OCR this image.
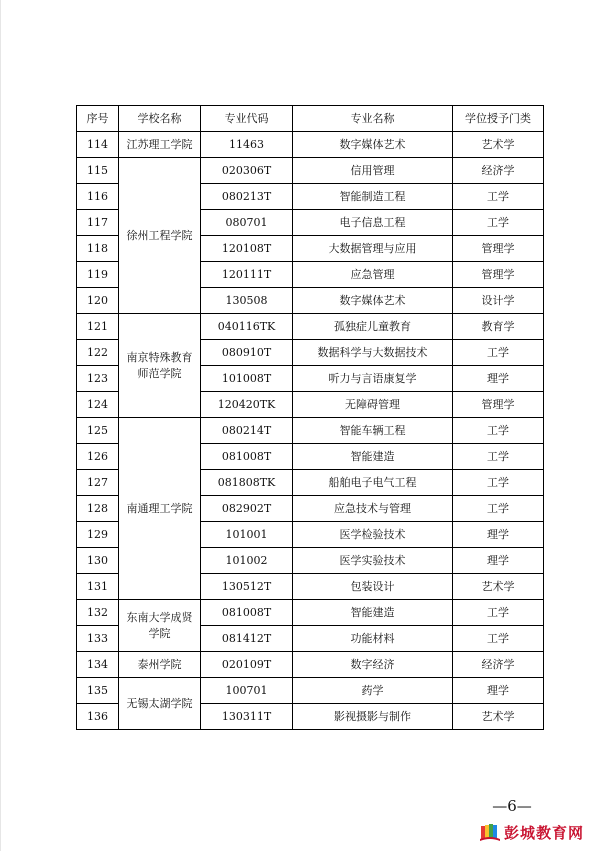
序号	学校名称	专业代码	专业名称	学位授予门类
114	江苏理工学院	11463	数字媒体艺术	艺术学
115	徐州工程学院	020306T	信用管理	经济学
116		080213T	智能制造工程	工学
117		080701	电子信息工程	工学
118		120108T	大数据管理与应用	管理学
119		120111T	应急管理	管理学
120		130508	数字媒体艺术	设计学
121	南京特殊教育师范学院	040116TK	孤独症儿童教育	教育学
122		080910T	数据科学与大数据技术	工学
123		101008T	听力与言语康复学	理学
124		120420TK	无障碍管理	管理学
125	南通理工学院	080214T	智能车辆工程	工学
126		081008T	智能建造	工学
127		081808TK	船舶电子电气工程	工学
128		082902T	应急技术与管理	工学
129		101001	医学检验技术	理学
130		101002	医学实验技术	理学
131		130512T	包装设计	艺术学
132	东南大学成贤学院	081008T	智能建造	工学
133		081412T	功能材料	工学
134	泰州学院	020109T	数字经济	经济学
135	无锡太湖学院	100701	药学	理学
136		130311T	影视摄影与制作	艺术学
—6—
彭城教育网
